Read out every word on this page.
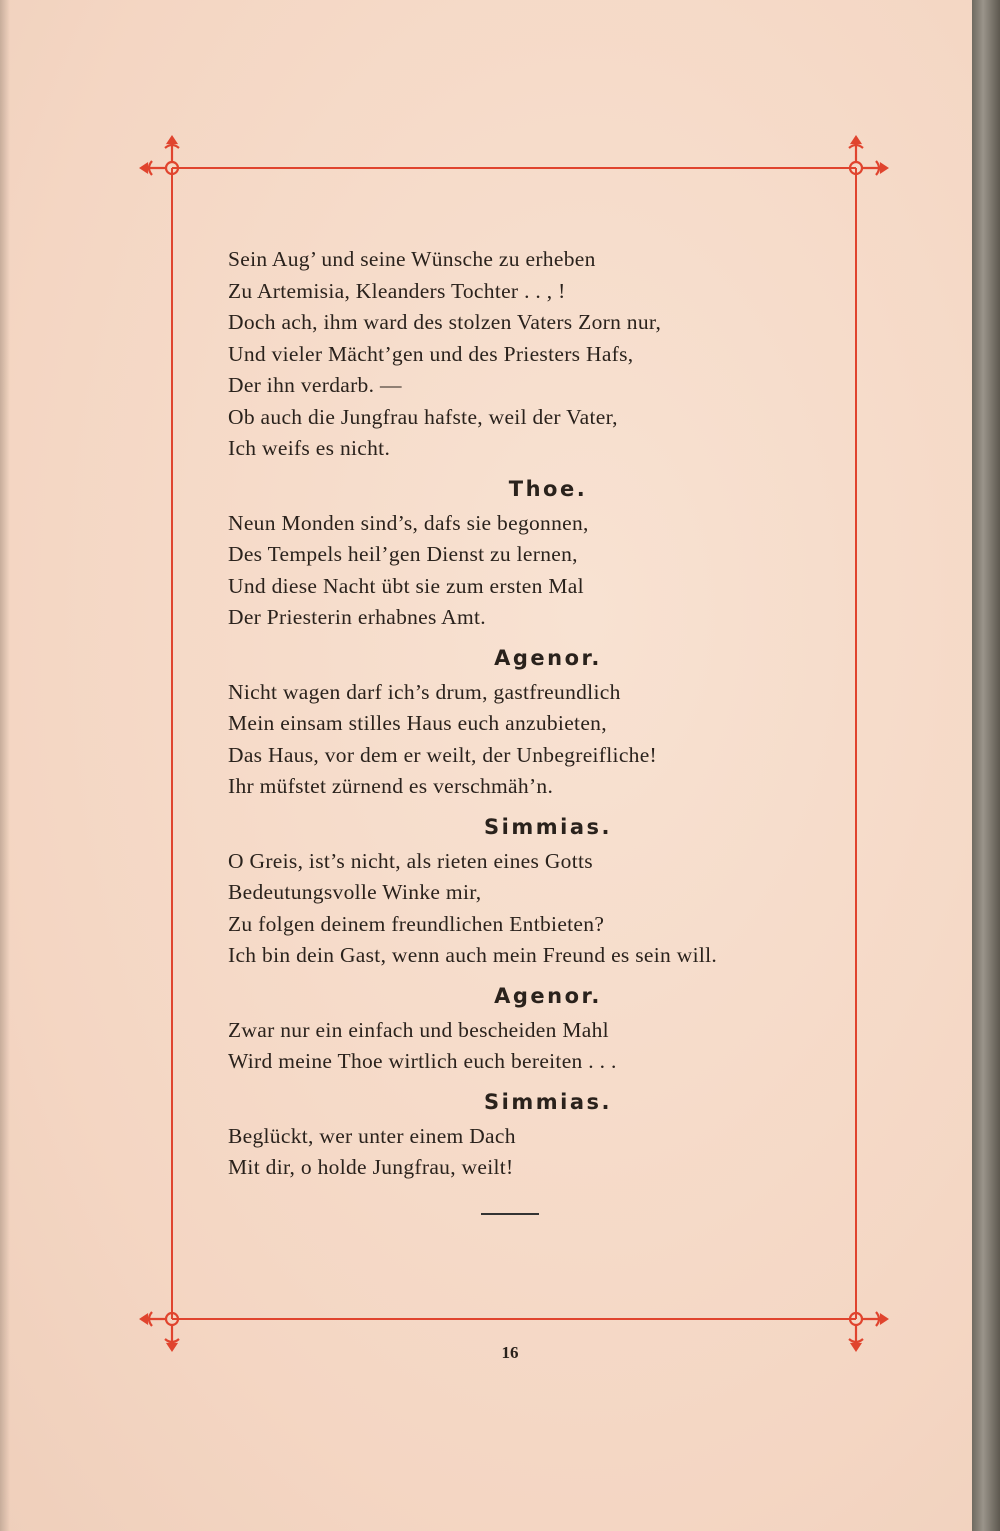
Sein Aug’ und seine Wünsche zu erheben
Zu Artemisia, Kleanders Tochter . . , !
Doch ach, ihm ward des stolzen Vaters Zorn nur,
Und vieler Mächt’gen und des Priesters Hafs,
Der ihn verdarb. —
Ob auch die Jungfrau hafste, weil der Vater,
Ich weifs es nicht.
Thoe.
Neun Monden sind’s, dafs sie begonnen,
Des Tempels heil’gen Dienst zu lernen,
Und diese Nacht übt sie zum ersten Mal
Der Priesterin erhabnes Amt.
Agenor.
Nicht wagen darf ich’s drum, gastfreundlich
Mein einsam stilles Haus euch anzubieten,
Das Haus, vor dem er weilt, der Unbegreifliche!
Ihr müfstet zürnend es verschmäh’n.
Simmias.
O Greis, ist’s nicht, als rieten eines Gotts
Bedeutungsvolle Winke mir,
Zu folgen deinem freundlichen Entbieten?
Ich bin dein Gast, wenn auch mein Freund es sein will.
Agenor.
Zwar nur ein einfach und bescheiden Mahl
Wird meine Thoe wirtlich euch bereiten . . .
Simmias.
Beglückt, wer unter einem Dach
Mit dir, o holde Jungfrau, weilt!
16
